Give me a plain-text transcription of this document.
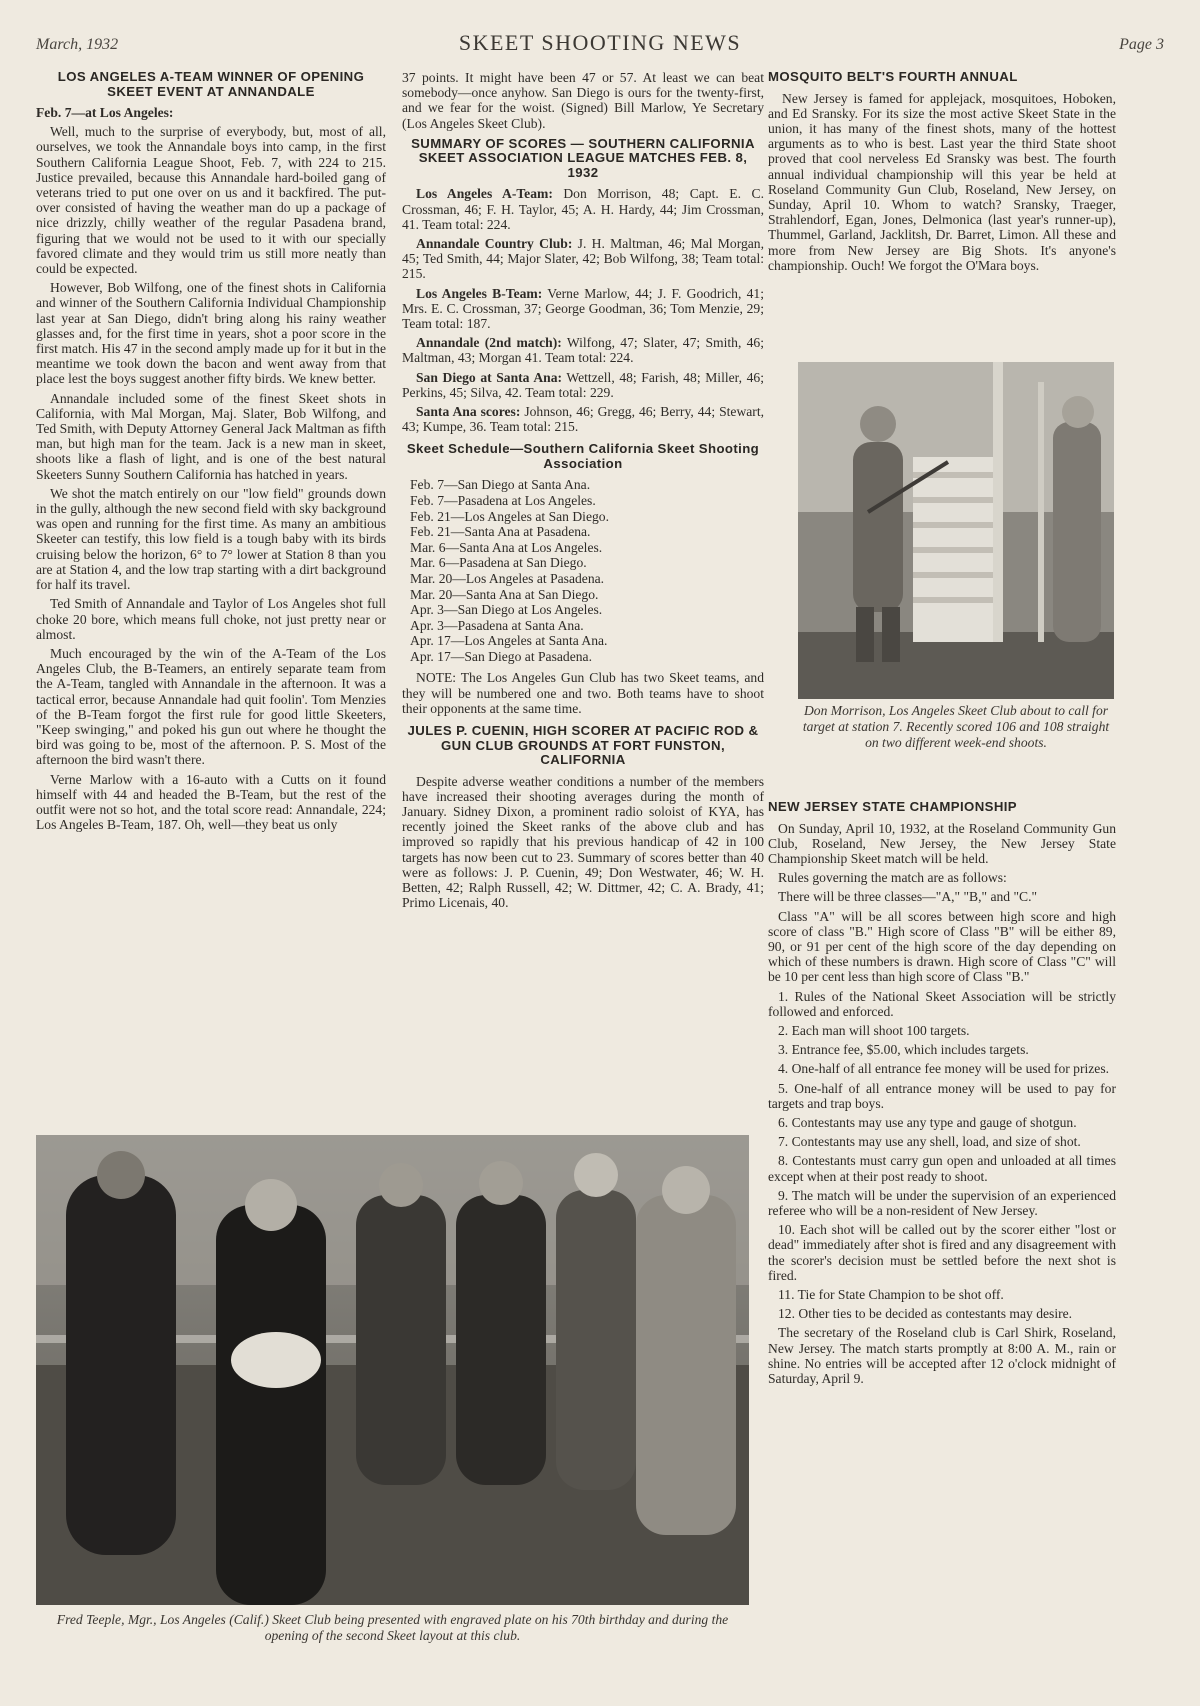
March, 1932	SKEET SHOOTING NEWS	Page 3
LOS ANGELES A-TEAM WINNER OF OPENING SKEET EVENT AT ANNANDALE

Feb. 7—at Los Angeles:

Well, much to the surprise of everybody, but, most of all, ourselves, we took the Annandale boys into camp, in the first Southern California League Shoot, Feb. 7, with 224 to 215. Justice prevailed, because this Annandale hard-boiled gang of veterans tried to put one over on us and it backfired. The put-over consisted of having the weather man do up a package of nice drizzly, chilly weather of the regular Pasadena brand, figuring that we would not be used to it with our specially favored climate and they would trim us still more neatly than could be expected.

However, Bob Wilfong, one of the finest shots in California and winner of the Southern California Individual Championship last year at San Diego, didn't bring along his rainy weather glasses and, for the first time in years, shot a poor score in the first match. His 47 in the second amply made up for it but in the meantime we took down the bacon and went away from that place lest the boys suggest another fifty birds. We knew better.

Annandale included some of the finest Skeet shots in California, with Mal Morgan, Maj. Slater, Bob Wilfong, and Ted Smith, with Deputy Attorney General Jack Maltman as fifth man, but high man for the team. Jack is a new man in skeet, shoots like a flash of light, and is one of the best natural Skeeters Sunny Southern California has hatched in years.

We shot the match entirely on our "low field" grounds down in the gully, although the new second field with sky background was open and running for the first time. As many an ambitious Skeeter can testify, this low field is a tough baby with its birds cruising below the horizon, 6° to 7° lower at Station 8 than you are at Station 4, and the low trap starting with a dirt background for half its travel.

Ted Smith of Annandale and Taylor of Los Angeles shot full choke 20 bore, which means full choke, not just pretty near or almost.

Much encouraged by the win of the A-Team of the Los Angeles Club, the B-Teamers, an entirely separate team from the A-Team, tangled with Annandale in the afternoon. It was a tactical error, because Annandale had quit foolin'. Tom Menzies of the B-Team forgot the first rule for good little Skeeters, "Keep swinging," and poked his gun out where he thought the bird was going to be, most of the afternoon. P. S. Most of the afternoon the bird wasn't there.

Verne Marlow with a 16-auto with a Cutts on it found himself with 44 and headed the B-Team, but the rest of the outfit were not so hot, and the total score read: Annandale, 224; Los Angeles B-Team, 187. Oh, well—they beat us only

37 points. It might have been 47 or 57. At least we can beat somebody—once anyhow. San Diego is ours for the twenty-first, and we fear for the woist. (Signed) Bill Marlow, Ye Secretary (Los Angeles Skeet Club).

SUMMARY OF SCORES — SOUTHERN CALIFORNIA SKEET ASSOCIATION LEAGUE MATCHES FEB. 8, 1932

Los Angeles A-Team: Don Morrison, 48; Capt. E. C. Crossman, 46; F. H. Taylor, 45; A. H. Hardy, 44; Jim Crossman, 41. Team total: 224.

Annandale Country Club: J. H. Maltman, 46; Mal Morgan, 45; Ted Smith, 44; Major Slater, 42; Bob Wilfong, 38; Team total: 215.

Los Angeles B-Team: Verne Marlow, 44; J. F. Goodrich, 41; Mrs. E. C. Crossman, 37; George Goodman, 36; Tom Menzie, 29; Team total: 187.

Annandale (2nd match): Wilfong, 47; Slater, 47; Smith, 46; Maltman, 43; Morgan 41. Team total: 224.

San Diego at Santa Ana: Wettzell, 48; Farish, 48; Miller, 46; Perkins, 45; Silva, 42. Team total: 229.

Santa Ana scores: Johnson, 46; Gregg, 46; Berry, 44; Stewart, 43; Kumpe, 36. Team total: 215.

Skeet Schedule—Southern California Skeet Shooting Association
Feb. 7—San Diego at Santa Ana.
Feb. 7—Pasadena at Los Angeles.
Feb. 21—Los Angeles at San Diego.
Feb. 21—Santa Ana at Pasadena.
Mar. 6—Santa Ana at Los Angeles.
Mar. 6—Pasadena at San Diego.
Mar. 20—Los Angeles at Pasadena.
Mar. 20—Santa Ana at San Diego.
Apr. 3—San Diego at Los Angeles.
Apr. 3—Pasadena at Santa Ana.
Apr. 17—Los Angeles at Santa Ana.
Apr. 17—San Diego at Pasadena.

NOTE: The Los Angeles Gun Club has two Skeet teams, and they will be numbered one and two. Both teams have to shoot their opponents at the same time.

JULES P. CUENIN, HIGH SCORER AT PACIFIC ROD & GUN CLUB GROUNDS AT FORT FUNSTON, CALIFORNIA

Despite adverse weather conditions a number of the members have increased their shooting averages during the month of January. Sidney Dixon, a prominent radio soloist of KYA, has recently joined the Skeet ranks of the above club and has improved so rapidly that his previous handicap of 42 in 100 targets has now been cut to 23. Summary of scores better than 40 were as follows: J. P. Cuenin, 49; Don Westwater, 46; W. H. Betten, 42; Ralph Russell, 42; W. Dittmer, 42; C. A. Brady, 41; Primo Licenais, 40.

Fred Teeple, Mgr., Los Angeles (Calif.) Skeet Club being presented with engraved plate on his 70th birthday and during the opening of the second Skeet layout at this club.
MOSQUITO BELT'S FOURTH ANNUAL

New Jersey is famed for applejack, mosquitoes, Hoboken, and Ed Sransky. For its size the most active Skeet State in the union, it has many of the finest shots, many of the hottest arguments as to who is best. Last year the third State shoot proved that cool nerveless Ed Sransky was best. The fourth annual individual championship will this year be held at Roseland Community Gun Club, Roseland, New Jersey, on Sunday, April 10. Whom to watch? Sransky, Traeger, Strahlendorf, Egan, Jones, Delmonica (last year's runner-up), Thummel, Garland, Jacklitsh, Dr. Barret, Limon. All these and more from New Jersey are Big Shots. It's anyone's championship. Ouch! We forgot the O'Mara boys.

Don Morrison, Los Angeles Skeet Club about to call for target at station 7. Recently scored 106 and 108 straight on two different week-end shoots.
NEW JERSEY STATE CHAMPIONSHIP

On Sunday, April 10, 1932, at the Roseland Community Gun Club, Roseland, New Jersey, the New Jersey State Championship Skeet match will be held.

Rules governing the match are as follows:

There will be three classes—"A," "B," and "C."

Class "A" will be all scores between high score and high score of class "B." High score of Class "B" will be either 89, 90, or 91 per cent of the high score of the day depending on which of these numbers is drawn. High score of Class "C" will be 10 per cent less than high score of Class "B."

1. Rules of the National Skeet Association will be strictly followed and enforced.

2. Each man will shoot 100 targets.

3. Entrance fee, $5.00, which includes targets.

4. One-half of all entrance fee money will be used for prizes.

5. One-half of all entrance money will be used to pay for targets and trap boys.

6. Contestants may use any type and gauge of shotgun.

7. Contestants may use any shell, load, and size of shot.

8. Contestants must carry gun open and unloaded at all times except when at their post ready to shoot.

9. The match will be under the supervision of an experienced referee who will be a non-resident of New Jersey.

10. Each shot will be called out by the scorer either "lost or dead" immediately after shot is fired and any disagreement with the scorer's decision must be settled before the next shot is fired.

11. Tie for State Champion to be shot off.

12. Other ties to be decided as contestants may desire.

The secretary of the Roseland club is Carl Shirk, Roseland, New Jersey. The match starts promptly at 8:00 A. M., rain or shine. No entries will be accepted after 12 o'clock midnight of Saturday, April 9.
